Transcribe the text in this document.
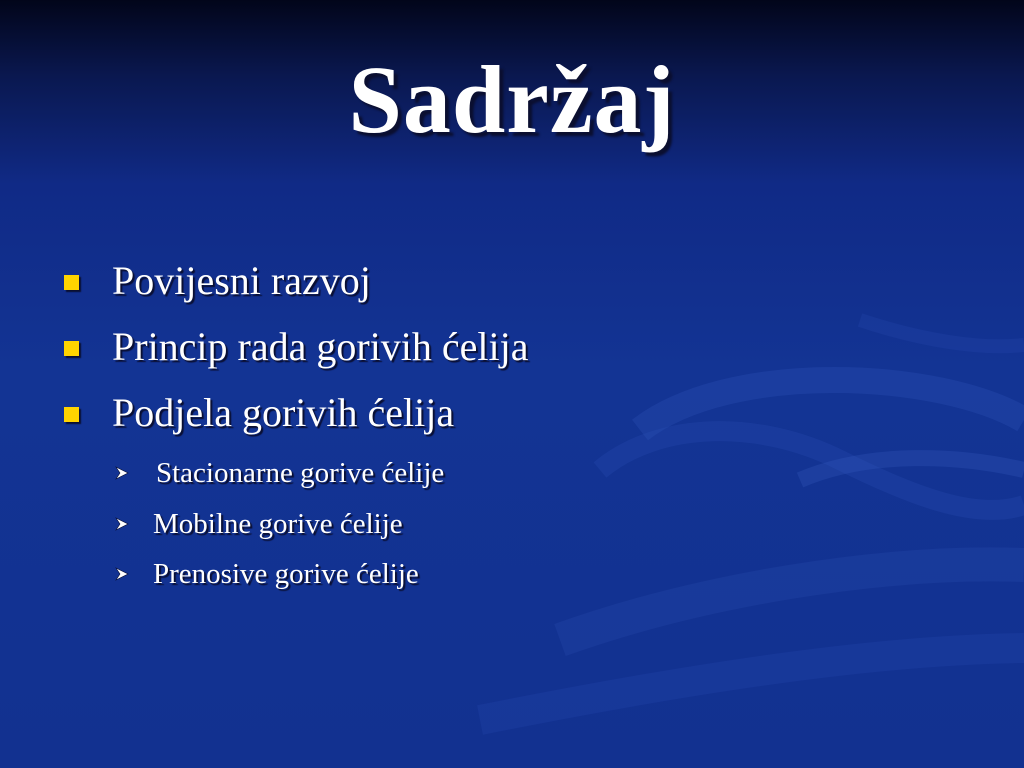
Sadržaj
Povijesni razvoj
Princip rada gorivih ćelija
Podjela gorivih ćelija
Stacionarne gorive ćelije
Mobilne gorive ćelije
Prenosive gorive ćelije
